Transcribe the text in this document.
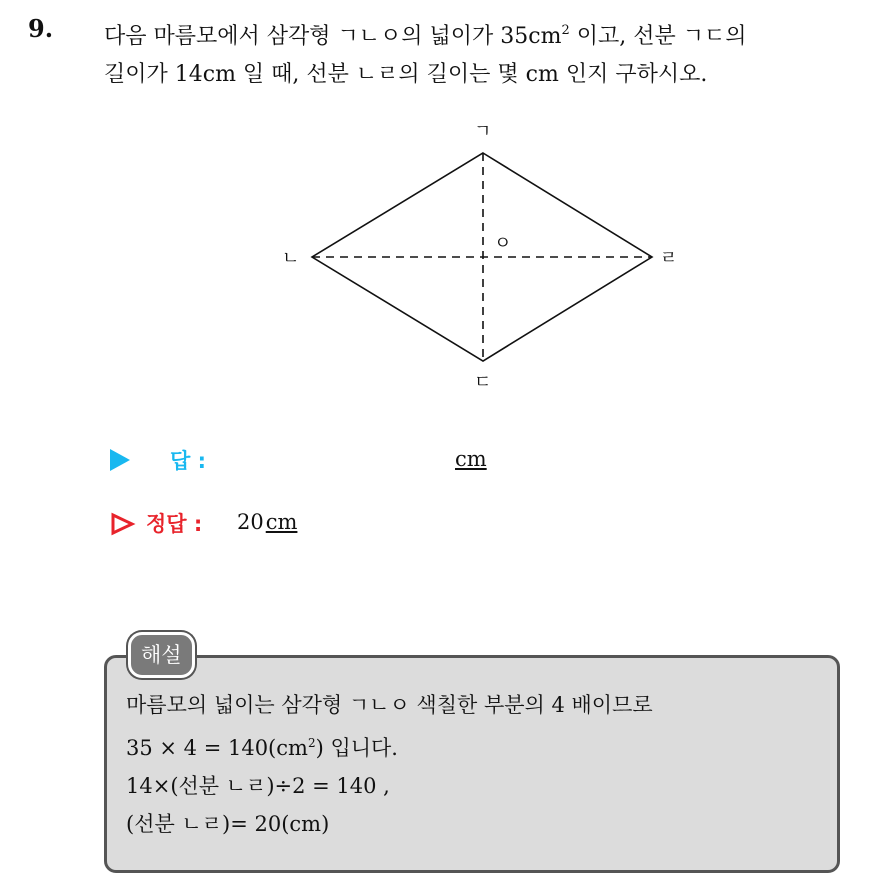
9. 다음 마름모에서 삼각형 ㄱㄴㅇ의 넓이가 $35cm^2$ 이고, 선분 ㄱㄷ의
길이가 14cm 일 때, 선분 ㄴㄹ의 길이는 몇 cm 인지 구하시오.
ㄱ
ㄴ
ㄷ
ㄹ
ㅇ
답 :	cm
정답 : 20cm
해설
마름모의 넓이는 삼각형 ㄱㄴㅇ 색칠한 부분의 4 배이므로
$35 \times 4 = 140(cm^2)$ 입니다.
14×(선분 ㄴㄹ)÷2 = 140 ,
(선분 ㄴㄹ)= 20(cm)
